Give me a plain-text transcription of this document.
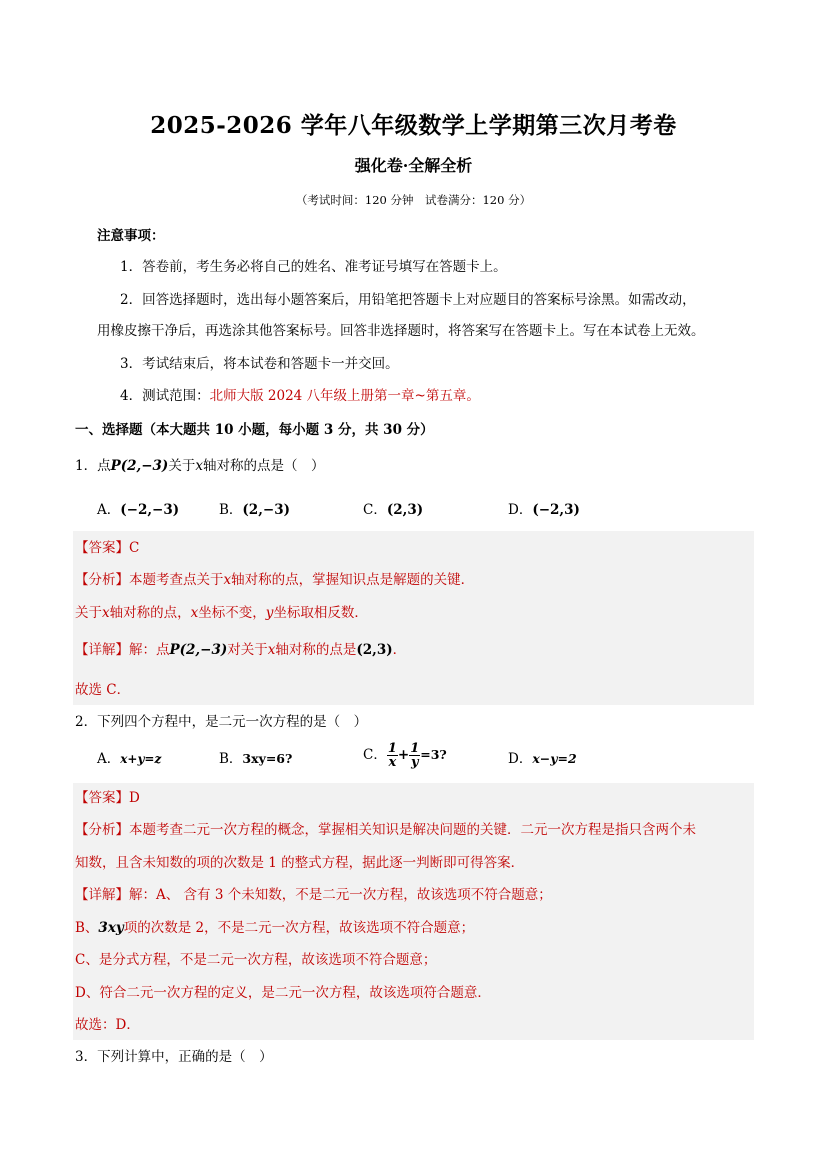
2025-2026 学年八年级数学上学期第三次月考卷
强化卷·全解全析
（考试时间：120 分钟　试卷满分：120 分）
注意事项：
1．答卷前，考生务必将自己的姓名、准考证号填写在答题卡上。
2．回答选择题时，选出每小题答案后，用铅笔把答题卡上对应题目的答案标号涂黑。如需改动，
用橡皮擦干净后，再选涂其他答案标号。回答非选择题时，将答案写在答题卡上。写在本试卷上无效。
3．考试结束后，将本试卷和答题卡一并交回。
4．测试范围：北师大版 2024 八年级上册第一章~第五章。
一、选择题（本大题共 10 小题，每小题 3 分，共 30 分）
1．点P(2,−3)关于x轴对称的点是（　）
A．(−2,−3)	B．(2,−3)	C．(2,3)	D．(−2,3)
【答案】C
【分析】本题考查点关于x轴对称的点，掌握知识点是解题的关键．
关于x轴对称的点，x坐标不变，y坐标取相反数．
【详解】解：点P(2,−3)对关于x轴对称的点是(2,3)．
故选 C．
2．下列四个方程中，是二元一次方程的是（　）
A．x+y=z	B．3xy=6?	C． $\frac{1}{x} + \frac{1}{y} =3$?	D．x−y=2
【答案】D
【分析】本题考查二元一次方程的概念，掌握相关知识是解决问题的关键．二元一次方程是指只含两个未
知数，且含未知数的项的次数是 1 的整式方程，据此逐一判断即可得答案．
【详解】解：A、 含有 3 个未知数，不是二元一次方程，故该选项不符合题意；
B、3xy项的次数是 2，不是二元一次方程，故该选项不符合题意；
C、是分式方程，不是二元一次方程，故该选项不符合题意；
D、符合二元一次方程的定义，是二元一次方程，故该选项符合题意．
故选：D．
3．下列计算中，正确的是（　）
